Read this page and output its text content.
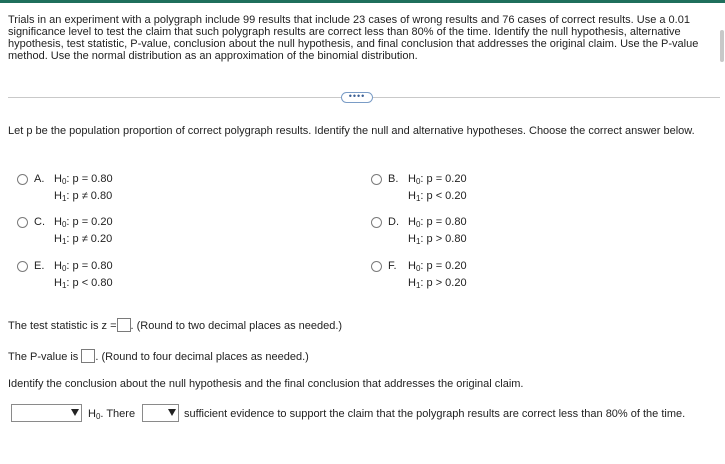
Trials in an experiment with a polygraph include 99 results that include 23 cases of wrong results and 76 cases of correct results. Use a 0.01 significance level to test the claim that such polygraph results are correct less than 80% of the time. Identify the null hypothesis, alternative hypothesis, test statistic, P-value, conclusion about the null hypothesis, and final conclusion that addresses the original claim. Use the P-value method. Use the normal distribution as an approximation of the binomial distribution.
••••
Let p be the population proportion of correct polygraph results. Identify the null and alternative hypotheses. Choose the correct answer below.
A. $H_0$: p = 0.80
$H_1$: p ≠ 0.80
B. $H_0$: p = 0.20
$H_1$: p < 0.20
C. $H_0$: p = 0.20
$H_1$: p ≠ 0.20
D. $H_0$: p = 0.80
$H_1$: p > 0.80
E. $H_0$: p = 0.80
$H_1$: p < 0.80
F. $H_0$: p = 0.20
$H_1$: p > 0.20
The test statistic is z = . (Round to two decimal places as needed.)
The P-value is . (Round to four decimal places as needed.)
Identify the conclusion about the null hypothesis and the final conclusion that addresses the original claim.
$H_0$. There	sufficient evidence to support the claim that the polygraph results are correct less than 80% of the time.
